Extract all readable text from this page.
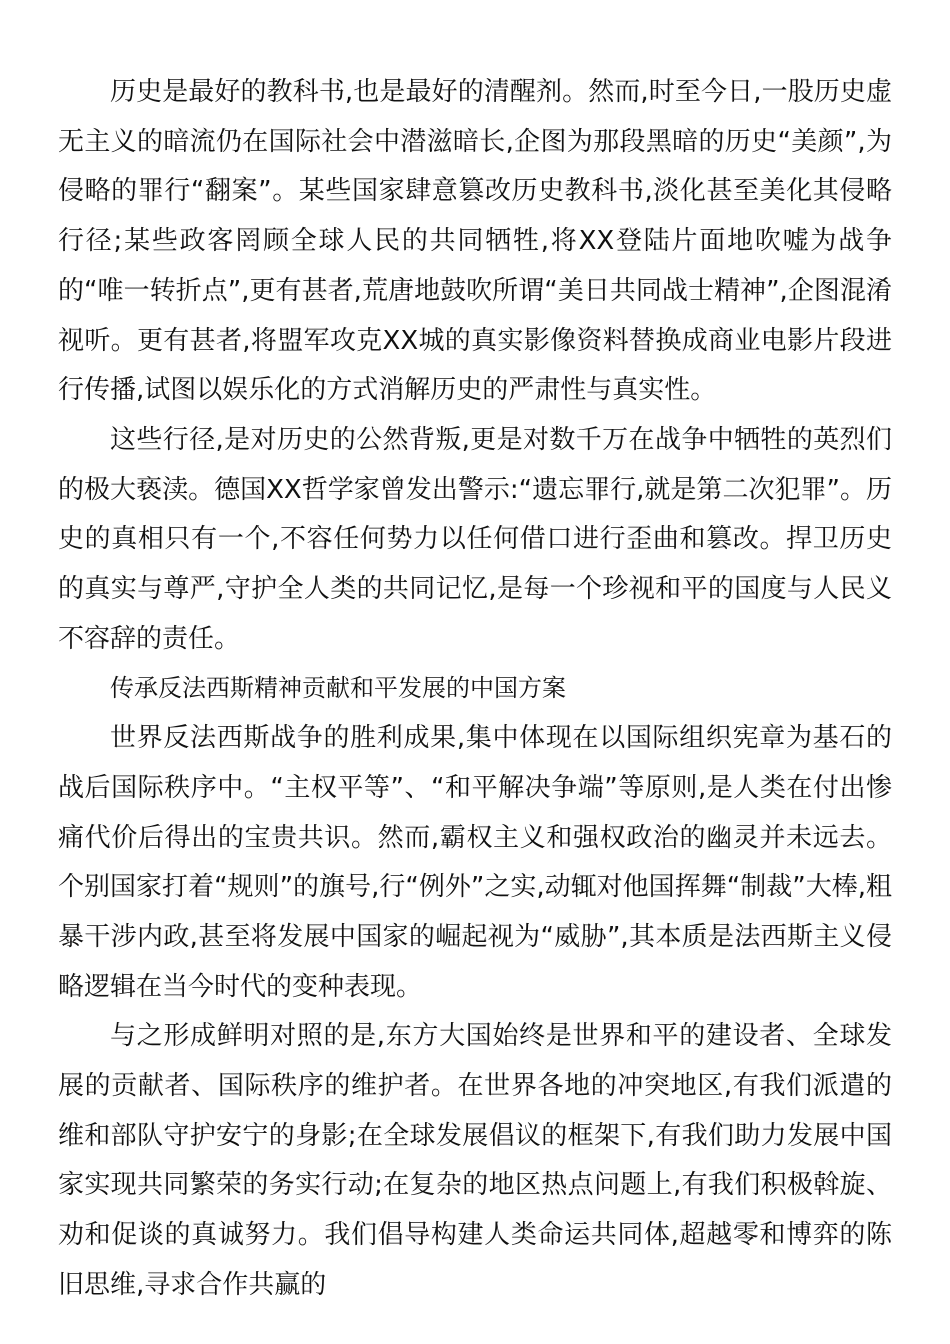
历史是最好的教科书,也是最好的清醒剂。然而,时至今日,一股历史虚无主义的暗流仍在国际社会中潜滋暗长,企图为那段黑暗的历史“美颜”,为侵略的罪行“翻案”。某些国家肆意篡改历史教科书,淡化甚至美化其侵略行径;某些政客罔顾全球人民的共同牺牲,将XX登陆片面地吹嘘为战争的“唯一转折点”,更有甚者,荒唐地鼓吹所谓“美日共同战士精神”,企图混淆视听。更有甚者,将盟军攻克XX城的真实影像资料替换成商业电影片段进行传播,试图以娱乐化的方式消解历史的严肃性与真实性。

这些行径,是对历史的公然背叛,更是对数千万在战争中牺牲的英烈们的极大亵渎。德国XX哲学家曾发出警示:“遗忘罪行,就是第二次犯罪”。历史的真相只有一个,不容任何势力以任何借口进行歪曲和篡改。捍卫历史的真实与尊严,守护全人类的共同记忆,是每一个珍视和平的国度与人民义不容辞的责任。

传承反法西斯精神贡献和平发展的中国方案

世界反法西斯战争的胜利成果,集中体现在以国际组织宪章为基石的战后国际秩序中。“主权平等”、“和平解决争端”等原则,是人类在付出惨痛代价后得出的宝贵共识。然而,霸权主义和强权政治的幽灵并未远去。个别国家打着“规则”的旗号,行“例外”之实,动辄对他国挥舞“制裁”大棒,粗暴干涉内政,甚至将发展中国家的崛起视为“威胁”,其本质是法西斯主义侵略逻辑在当今时代的变种表现。

与之形成鲜明对照的是,东方大国始终是世界和平的建设者、全球发展的贡献者、国际秩序的维护者。在世界各地的冲突地区,有我们派遣的维和部队守护安宁的身影;在全球发展倡议的框架下,有我们助力发展中国家实现共同繁荣的务实行动;在复杂的地区热点问题上,有我们积极斡旋、劝和促谈的真诚努力。我们倡导构建人类命运共同体,超越零和博弈的陈旧思维,寻求合作共赢的
